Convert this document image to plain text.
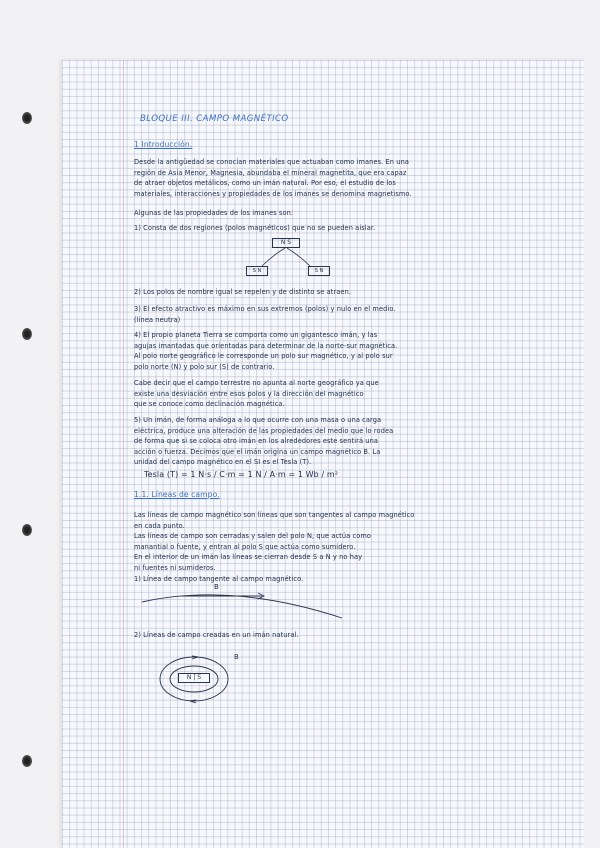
BLOQUE III. CAMPO MAGNÉTICO

1 Introducción.

Desde la antigüedad se conocían materiales que actuaban como imanes. En una
región de Asia Menor, Magnesia, abundaba el mineral magnetita, que era capaz
de atraer objetos metálicos, como un imán natural. Por eso, el estudio de los
materiales, interacciones y propiedades de los imanes se denomina magnetismo.

Algunas de las propiedades de los imanes son:

1) Consta de dos regiones (polos magnéticos) que no se pueden aislar.

N S
S N	S N

2) Los polos de nombre igual se repelen y de distinto se atraen.

3) El efecto atractivo es máximo en sus extremos (polos) y nulo en el medio.
(línea neutra)

4) El propio planeta Tierra se comporta como un gigantesco imán, y las
agujas imantadas que orientadas para determinar de la norte-sur magnética.
Al polo norte geográfico le corresponde un polo sur magnético, y al polo sur
polo norte (N) y polo sur (S) de contrario.

Cabe decir que el campo terrestre no apunta al norte geográfico ya que
existe una desviación entre esos polos y la dirección del magnético
que se conoce como declinación magnética.

5) Un imán, de forma análoga a lo que ocurre con una masa o una carga
eléctrica, produce una alteración de las propiedades del medio que lo rodea
de forma que si se coloca otro imán en los alrededores este sentirá una
acción o fuerza. Decimos que el imán origina un campo magnético B. La
unidad del campo magnético en el SI es el Tesla (T).

Tesla (T) = 1 N·s / C·m = 1 N / A·m = 1 Wb / m²

1.1. Líneas de campo.

Las líneas de campo magnético son líneas que son tangentes al campo magnético
en cada punto.
Las líneas de campo son cerradas y salen del polo N, que actúa como
manantial o fuente, y entran al polo S que actúa como sumidero.
En el interior de un imán las líneas se cierran desde S a N y no hay
ni fuentes ni sumideros.

1) Línea de campo tangente al campo magnético.

B

2) Líneas de campo creadas en un imán natural.

N | S

B
